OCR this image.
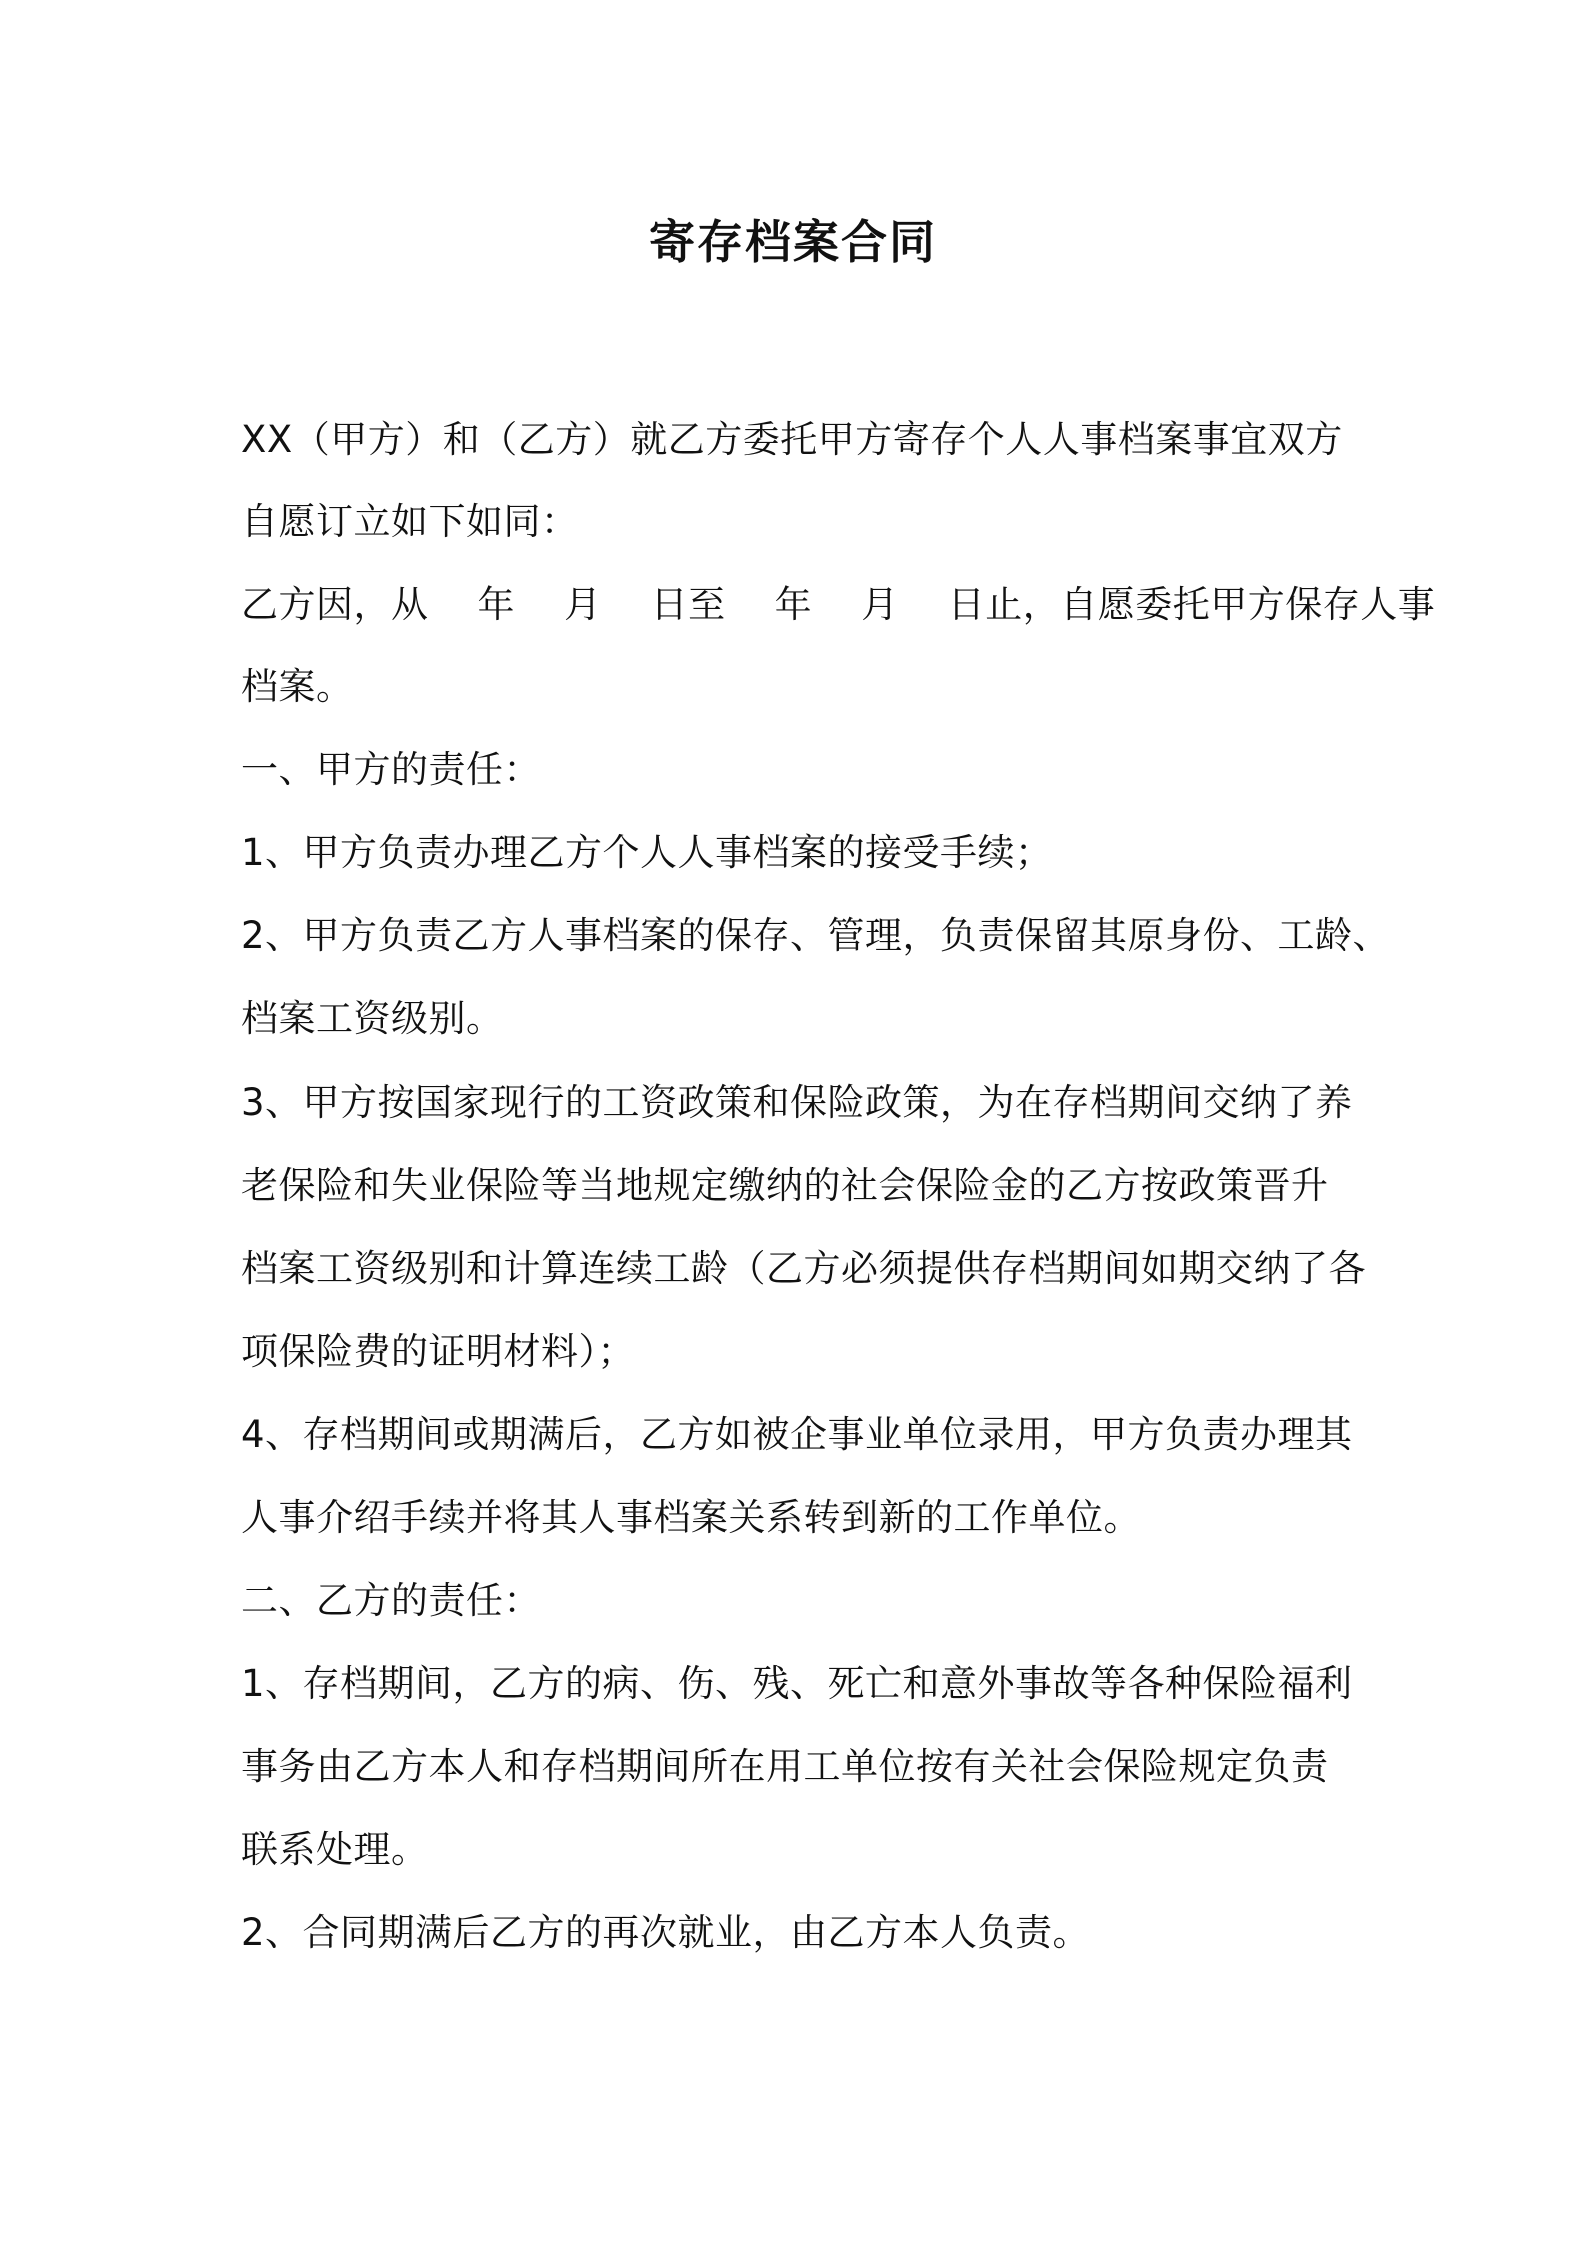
寄存档案合同

XX（甲方）和（乙方）就乙方委托甲方寄存个人人事档案事宜双方

自愿订立如下如同：

乙方因，从    年    月    日至    年    月    日止，自愿委托甲方保存人事

档案。

一、甲方的责任：

1、甲方负责办理乙方个人人事档案的接受手续；

2、甲方负责乙方人事档案的保存、管理，负责保留其原身份、工龄、

档案工资级别。

3、甲方按国家现行的工资政策和保险政策，为在存档期间交纳了养

老保险和失业保险等当地规定缴纳的社会保险金的乙方按政策晋升

档案工资级别和计算连续工龄（乙方必须提供存档期间如期交纳了各

项保险费的证明材料）；

4、存档期间或期满后，乙方如被企事业单位录用，甲方负责办理其

人事介绍手续并将其人事档案关系转到新的工作单位。

二、乙方的责任：

1、存档期间，乙方的病、伤、残、死亡和意外事故等各种保险福利

事务由乙方本人和存档期间所在用工单位按有关社会保险规定负责

联系处理。

2、合同期满后乙方的再次就业，由乙方本人负责。
